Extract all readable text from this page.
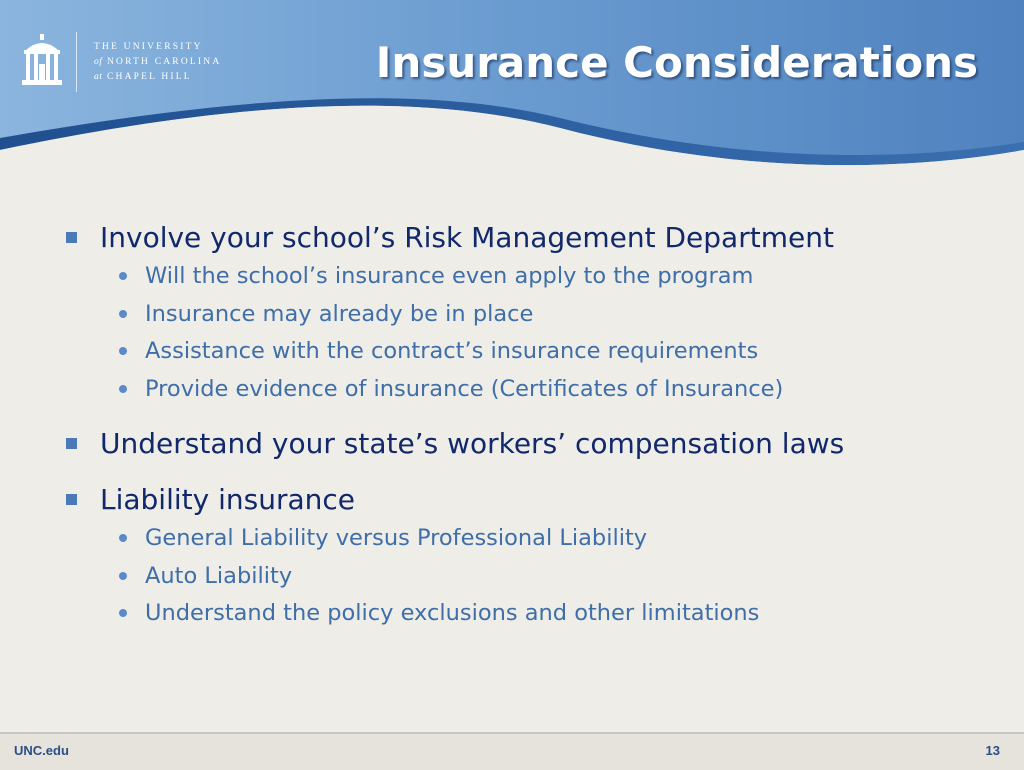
THE UNIVERSITY
of NORTH CAROLINA
at CHAPEL HILL	Insurance Considerations
Involve your school’s Risk Management Department
Will the school’s insurance even apply to the program
Insurance may already be in place
Assistance with the contract’s insurance requirements
Provide evidence of insurance (Certificates of Insurance)
Understand your state’s workers’ compensation laws
Liability insurance
General Liability versus Professional Liability
Auto Liability
Understand the policy exclusions and other limitations
UNC.edu	13
